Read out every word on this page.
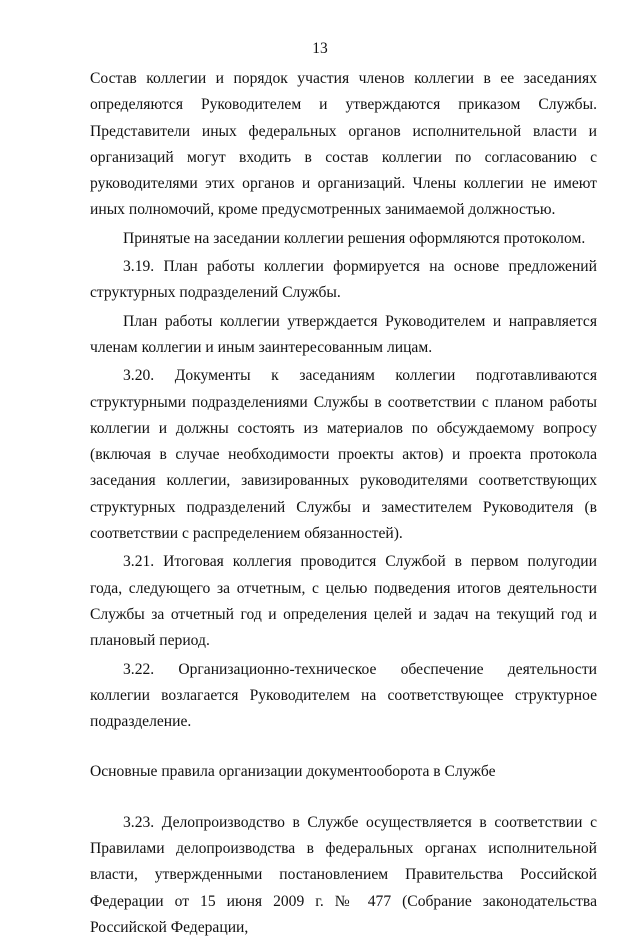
13

Состав коллегии и порядок участия членов коллегии в ее заседаниях определяются Руководителем и утверждаются приказом Службы. Представители иных федеральных органов исполнительной власти и организаций могут входить в состав коллегии по согласованию с руководителями этих органов и организаций. Члены коллегии не имеют иных полномочий, кроме предусмотренных занимаемой должностью.

Принятые на заседании коллегии решения оформляются протоколом.

3.19. План работы коллегии формируется на основе предложений структурных подразделений Службы.

План работы коллегии утверждается Руководителем и направляется членам коллегии и иным заинтересованным лицам.

3.20. Документы к заседаниям коллегии подготавливаются структурными подразделениями Службы в соответствии с планом работы коллегии и должны состоять из материалов по обсуждаемому вопросу (включая в случае необходимости проекты актов) и проекта протокола заседания коллегии, завизированных руководителями соответствующих структурных подразделений Службы и заместителем Руководителя (в соответствии с распределением обязанностей).

3.21. Итоговая коллегия проводится Службой в первом полугодии года, следующего за отчетным, с целью подведения итогов деятельности Службы за отчетный год и определения целей и задач на текущий год и плановый период.

3.22. Организационно-техническое обеспечение деятельности коллегии возлагается Руководителем на соответствующее структурное подразделение.

Основные правила организации документооборота в Службе

3.23. Делопроизводство в Службе осуществляется в соответствии с Правилами делопроизводства в федеральных органах исполнительной власти, утвержденными постановлением Правительства Российской Федерации от 15 июня 2009 г. № 477 (Собрание законодательства Российской Федерации,
